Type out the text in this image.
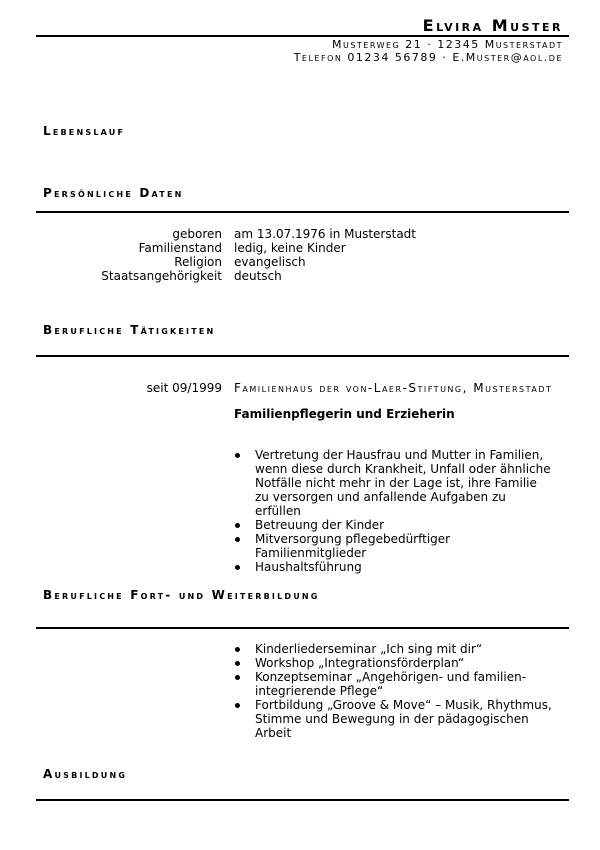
Elvira Muster
Musterweg 21 · 12345 Musterstadt
Telefon 01234 56789 · E.Muster@aol.de
Lebenslauf
Persönliche Daten
geboren am 13.07.1976 in Musterstadt
Familienstand ledig, keine Kinder
Religion evangelisch
Staatsangehörigkeit deutsch
Berufliche Tätigkeiten
seit 09/1999 Familienhaus der von-Laer-Stiftung, Musterstadt
Familienpflegerin und Erzieherin
Vertretung der Hausfrau und Mutter in Familien, wenn diese durch Krankheit, Unfall oder ähnliche Notfälle nicht mehr in der Lage ist, ihre Familie zu versorgen und anfallende Aufgaben zu erfüllen
Betreuung der Kinder
Mitversorgung pflegebedürftiger Familienmitglieder
Haushaltsführung
Berufliche Fort- und Weiterbildung
Kinderliederseminar „Ich sing mit dir“
Workshop „Integrationsförderplan“
Konzeptseminar „Angehörigen- und familienintegrierende Pflege“
Fortbildung „Groove & Move“ – Musik, Rhythmus, Stimme und Bewegung in der pädagogischen Arbeit
Ausbildung
